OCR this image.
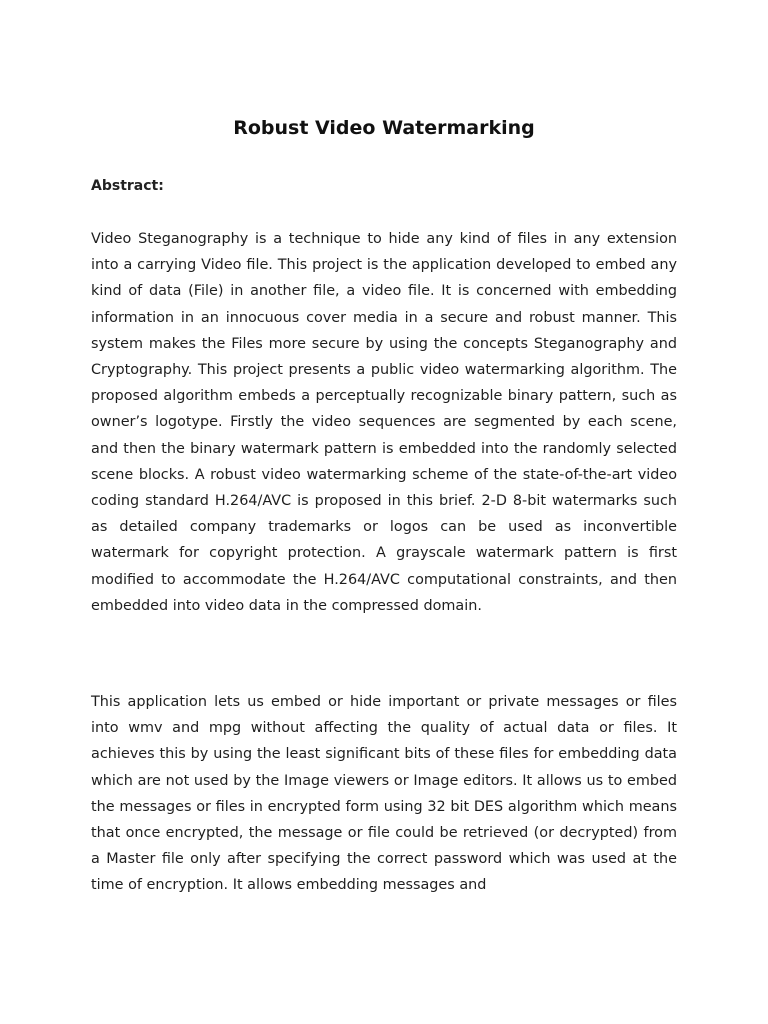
Robust Video Watermarking
Abstract:

Video Steganography is a technique to hide any kind of files in any extension into a carrying Video file. This project is the application developed to embed any kind of data (File) in another file, a video file. It is concerned with embedding information in an innocuous cover media in a secure and robust manner. This system makes the Files more secure by using the concepts Steganography and Cryptography. This project presents a public video watermarking algorithm. The proposed algorithm embeds a perceptually recognizable binary pattern, such as owner’s logotype. Firstly the video sequences are segmented by each scene, and then the binary watermark pattern is embedded into the randomly selected scene blocks. A robust video watermarking scheme of the state-of-the-art video coding standard H.264/AVC is proposed in this brief. 2-D 8-bit watermarks such as detailed company trademarks or logos can be used as inconvertible watermark for copyright protection. A grayscale watermark pattern is first modified to accommodate the H.264/AVC computational constraints, and then embedded into video data in the compressed domain.

This application lets us embed or hide important or private messages or files into wmv and mpg without affecting the quality of actual data or files. It achieves this by using the least significant bits of these files for embedding data which are not used by the Image viewers or Image editors. It allows us to embed the messages or files in encrypted form using 32 bit DES algorithm which means that once encrypted, the message or file could be retrieved (or decrypted) from a Master file only after specifying the correct password which was used at the time of encryption. It allows embedding messages and
